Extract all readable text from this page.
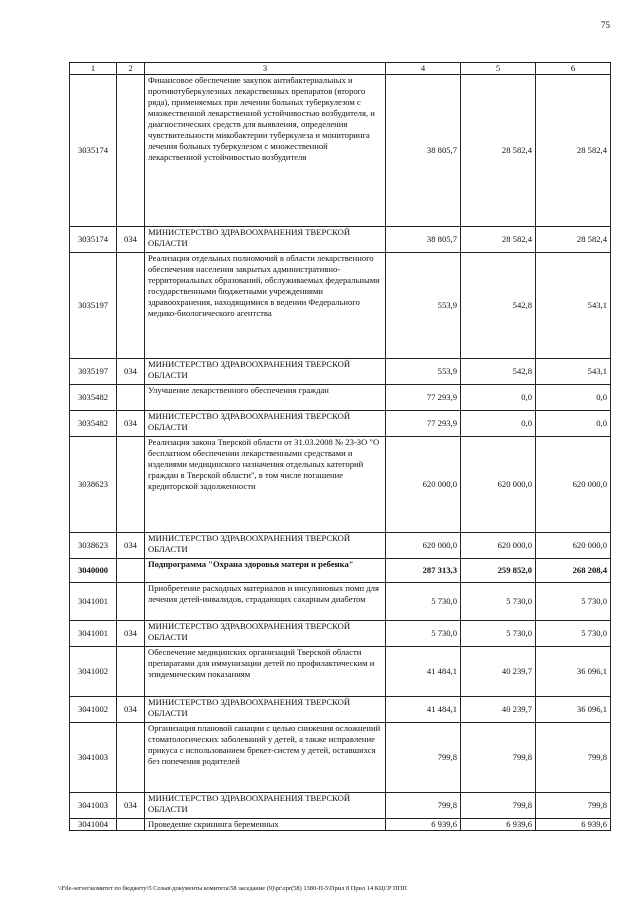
75
1	2	3	4	5	6
3035174		Финансовое обеспечение закупок антибактериальных и противотуберкулезных лекарственных препаратов (второго ряда), применяемых при лечении больных туберкулезом с множественной лекарственной устойчивостью возбудителя, и диагностических средств для выявления, определения чувствительности микобактерии туберкулеза и мониторинга лечения больных туберкулезом с множественной лекарственной устойчивостью возбудителя	38 805,7	28 582,4	28 582,4
3035174	034	МИНИСТЕРСТВО ЗДРАВООХРАНЕНИЯ ТВЕРСКОЙ ОБЛАСТИ	38 805,7	28 582,4	28 582,4
3035197		Реализация отдельных полномочий в области лекарственного обеспечения населения закрытых административно-территориальных образований, обслуживаемых федеральными государственными бюджетными учреждениями здравоохранения, находящимися в ведении Федерального медико-биологического агентства	553,9	542,8	543,1
3035197	034	МИНИСТЕРСТВО ЗДРАВООХРАНЕНИЯ ТВЕРСКОЙ ОБЛАСТИ	553,9	542,8	543,1
3035482		Улучшение лекарственного обеспечения граждан	77 293,9	0,0	0,0
3035482	034	МИНИСТЕРСТВО ЗДРАВООХРАНЕНИЯ ТВЕРСКОЙ ОБЛАСТИ	77 293,9	0,0	0,0
3038623		Реализация закона Тверской области от 31.03.2008 № 23-ЗО "О бесплатном обеспечении лекарственными средствами и изделиями медицинского назначения отдельных категорий граждан в Тверской области", в том числе погашение кредиторской задолженности	620 000,0	620 000,0	620 000,0
3038623	034	МИНИСТЕРСТВО ЗДРАВООХРАНЕНИЯ ТВЕРСКОЙ ОБЛАСТИ	620 000,0	620 000,0	620 000,0
3040000		Подпрограмма "Охрана здоровья матери и ребенка"	287 313,3	259 852,0	268 208,4
3041001		Приобретение расходных материалов и инсулиновых помп для лечения детей-инвалидов, страдающих сахарным диабетом	5 730,0	5 730,0	5 730,0
3041001	034	МИНИСТЕРСТВО ЗДРАВООХРАНЕНИЯ ТВЕРСКОЙ ОБЛАСТИ	5 730,0	5 730,0	5 730,0
3041002		Обеспечение медицинских организаций Тверской области препаратами для иммунизации детей по профилактическим и эпидемическим показаниям	41 484,1	40 239,7	36 096,1
3041002	034	МИНИСТЕРСТВО ЗДРАВООХРАНЕНИЯ ТВЕРСКОЙ ОБЛАСТИ	41 484,1	40 239,7	36 096,1
3041003		Организация плановой санации с целью снижения осложнений стоматологических заболеваний у детей, а также исправление прикуса с использованием брекет-систем у детей, оставшихся без попечения родителей	799,8	799,8	799,8
3041003	034	МИНИСТЕРСТВО ЗДРАВООХРАНЕНИЯ ТВЕРСКОЙ ОБЛАСТИ	799,8	799,8	799,8
3041004		Проведение скрининга беременных	6 939,6	6 939,6	6 939,6
\\File-server\комитет по бюджету\5 Созыв\документы комитета\58 заседание (9)\pr\zpr(58) 1380-П-5\Прил 8 Прил 14 КЦСР ППП
